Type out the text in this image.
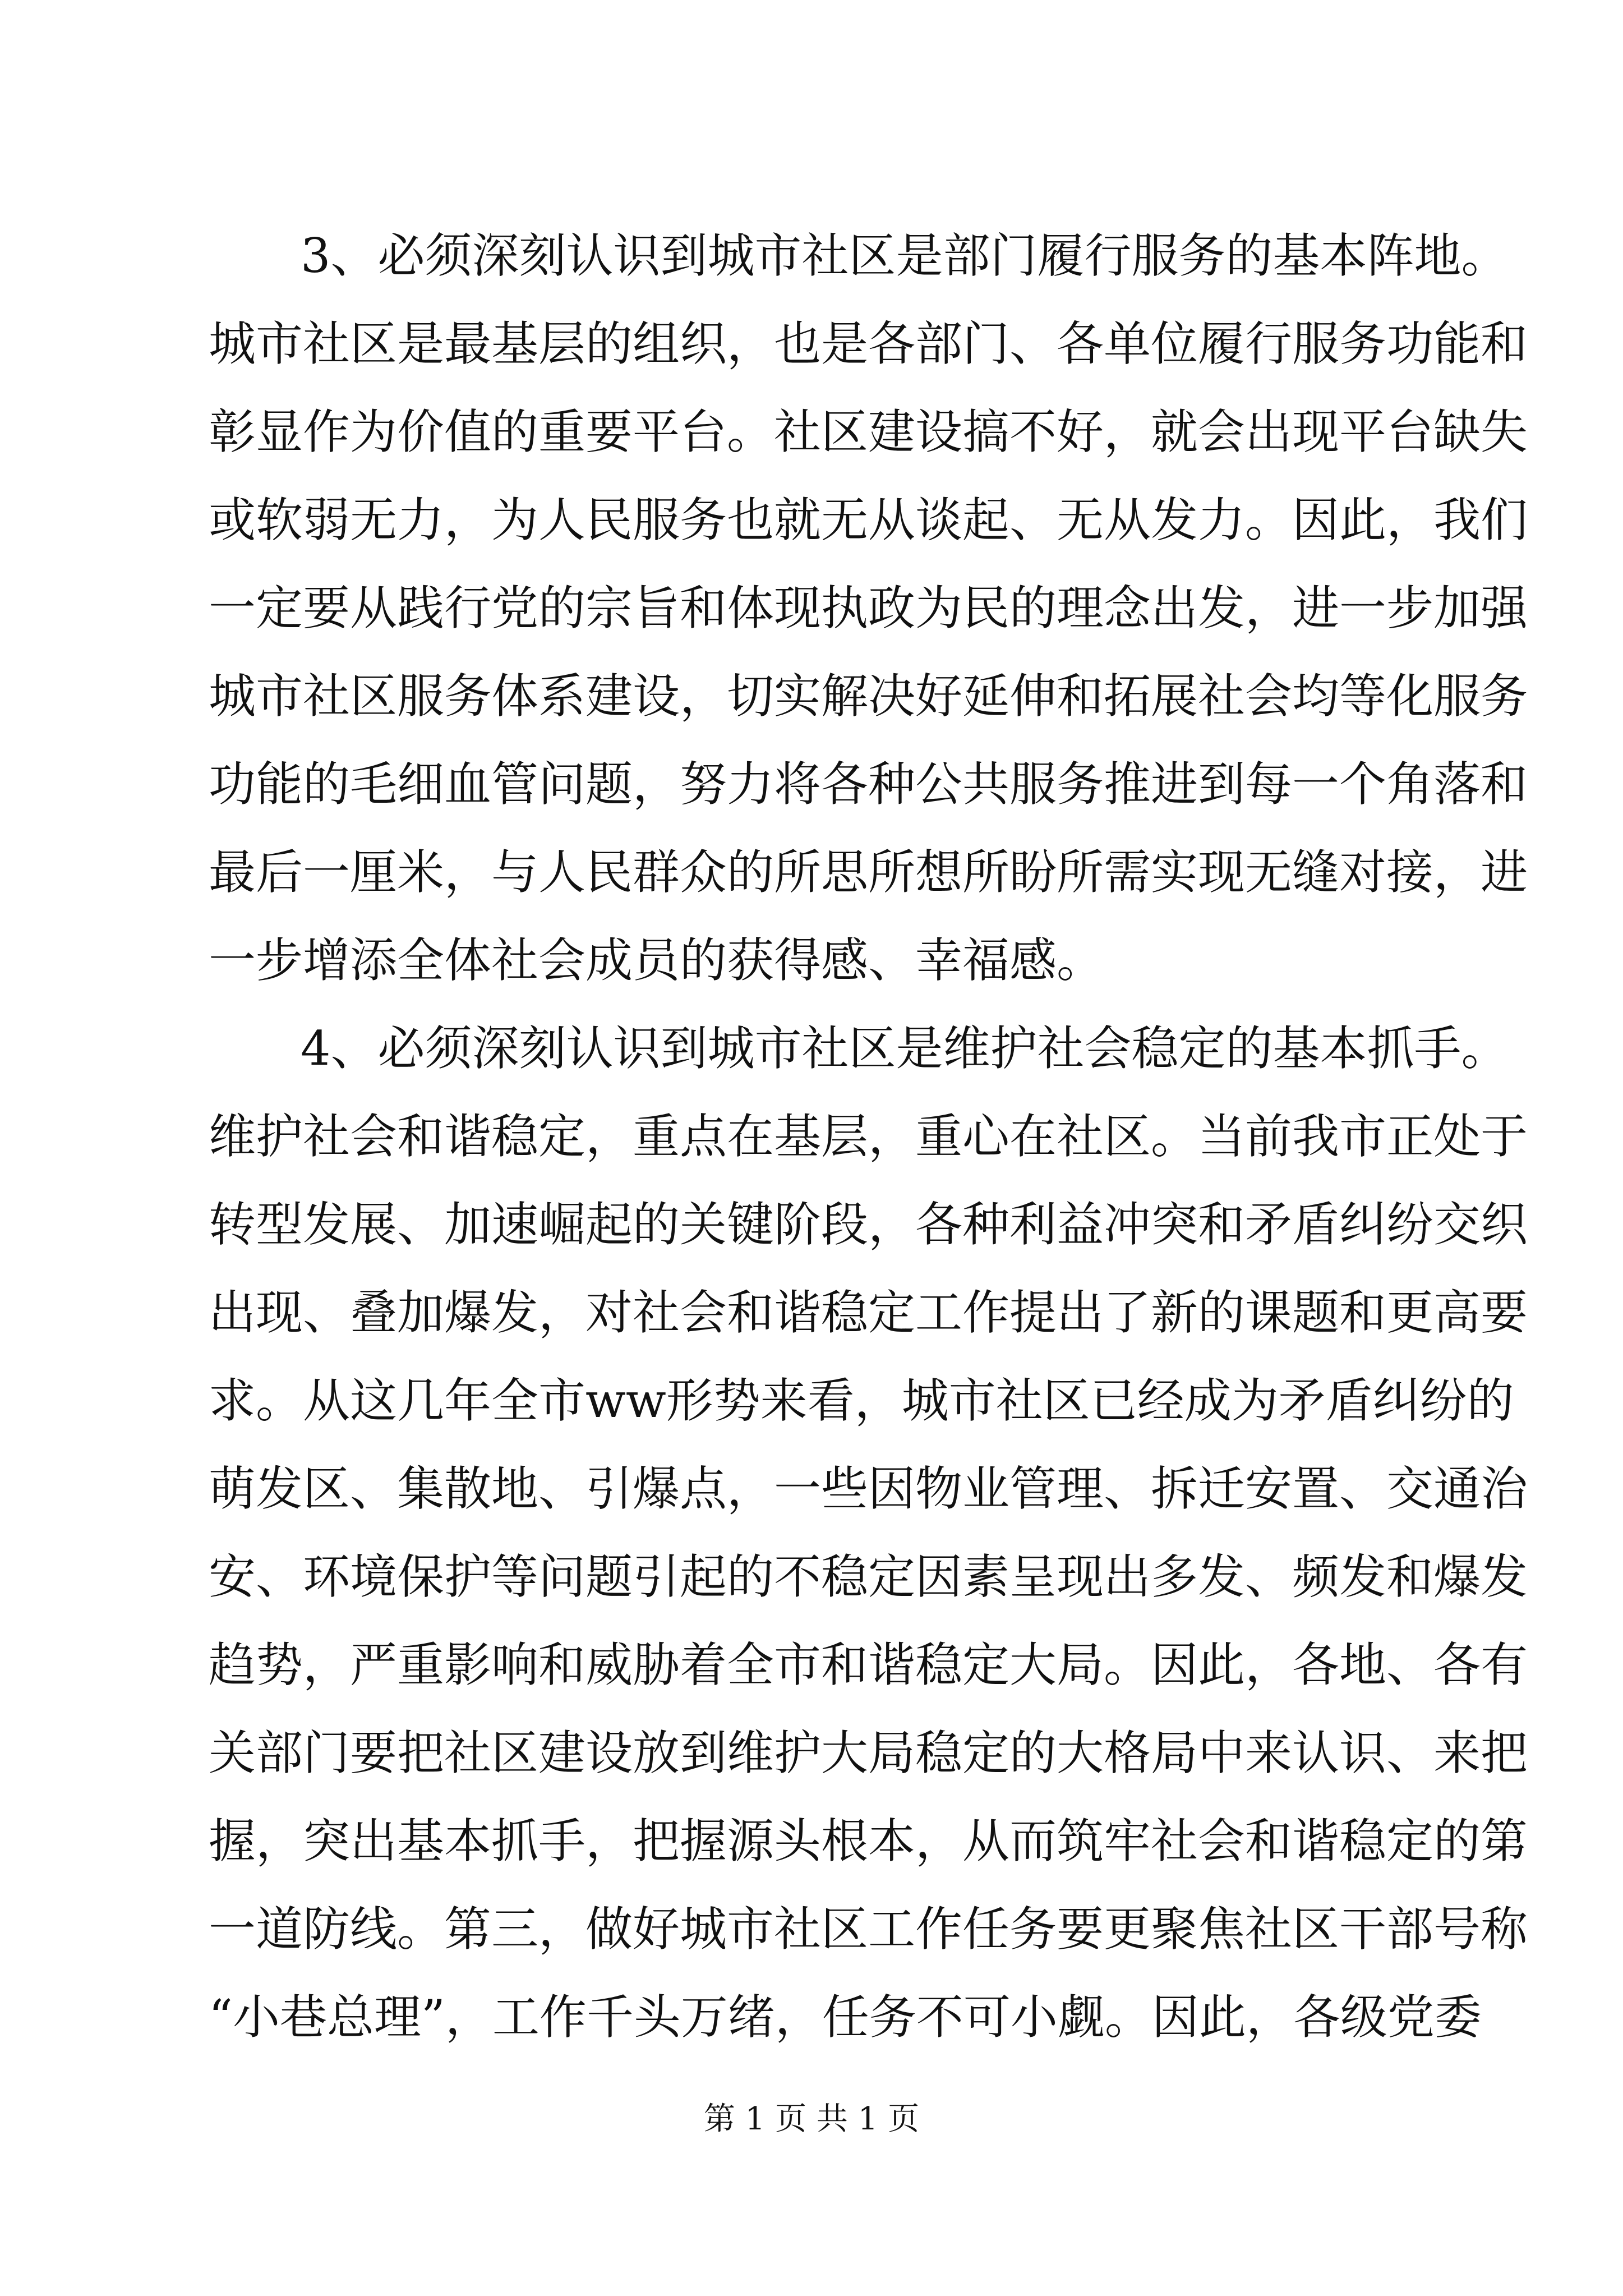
3、必须深刻认识到城市社区是部门履行服务的基本阵地。
城市社区是最基层的组织，也是各部门、各单位履行服务功能和
彰显作为价值的重要平台。社区建设搞不好，就会出现平台缺失
或软弱无力，为人民服务也就无从谈起、无从发力。因此，我们
一定要从践行党的宗旨和体现执政为民的理念出发，进一步加强
城市社区服务体系建设，切实解决好延伸和拓展社会均等化服务
功能的毛细血管问题，努力将各种公共服务推进到每一个角落和
最后一厘米，与人民群众的所思所想所盼所需实现无缝对接，进
一步增添全体社会成员的获得感、幸福感。
4、必须深刻认识到城市社区是维护社会稳定的基本抓手。
维护社会和谐稳定，重点在基层，重心在社区。当前我市正处于
转型发展、加速崛起的关键阶段，各种利益冲突和矛盾纠纷交织
出现、叠加爆发，对社会和谐稳定工作提出了新的课题和更高要
求。从这几年全市ww形势来看，城市社区已经成为矛盾纠纷的
萌发区、集散地、引爆点，一些因物业管理、拆迁安置、交通治
安、环境保护等问题引起的不稳定因素呈现出多发、频发和爆发
趋势，严重影响和威胁着全市和谐稳定大局。因此，各地、各有
关部门要把社区建设放到维护大局稳定的大格局中来认识、来把
握，突出基本抓手，把握源头根本，从而筑牢社会和谐稳定的第
一道防线。第三，做好城市社区工作任务要更聚焦社区干部号称
“小巷总理”，工作千头万绪，任务不可小觑。因此，各级党委
第 1 页 共 1 页
